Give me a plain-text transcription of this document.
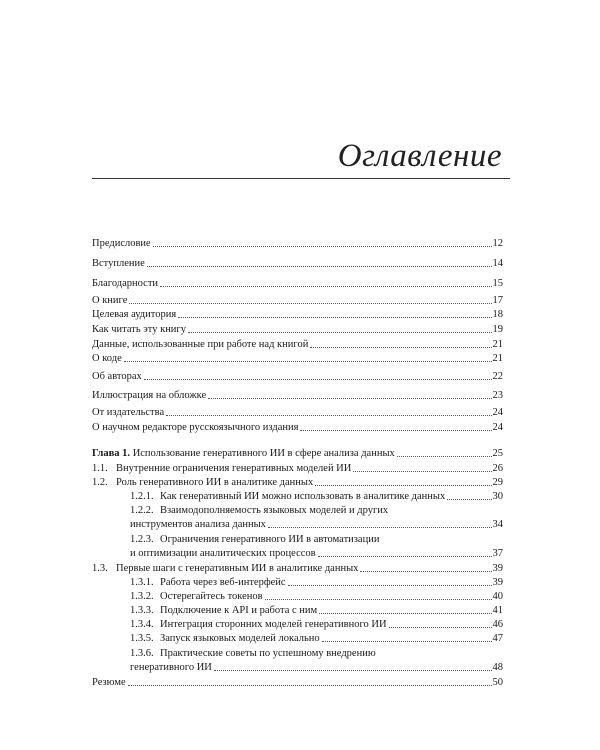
Оглавление
Предисловие	12
Вступление	14
Благодарности	15
О книге	17
Целевая аудитория	18
Как читать эту книгу	19
Данные, использованные при работе над книгой	21
О коде	21
Об авторах	22
Иллюстрация на обложке	23
От издательства	24
О научном редакторе русскоязычного издания	24
Глава 1.
Использование генеративного ИИ в сфере анализа данных	25
1.1. Внутренние ограничения генеративных моделей ИИ	26
1.2. Роль генеративного ИИ в аналитике данных	29
1.2.1. Как генеративный ИИ можно использовать в аналитике данных	30
1.2.2. Взаимодополняемость языковых моделей и других
инструментов анализа данных	34
1.2.3. Ограничения генеративного ИИ в автоматизации
и оптимизации аналитических процессов	37
1.3. Первые шаги с генеративным ИИ в аналитике данных	39
1.3.1. Работа через веб-интерфейс	39
1.3.2. Остерегайтесь токенов	40
1.3.3. Подключение к API и работа с ним	41
1.3.4. Интеграция сторонних моделей генеративного ИИ	46
1.3.5. Запуск языковых моделей локально	47
1.3.6. Практические советы по успешному внедрению
генеративного ИИ	48
Резюме	50
